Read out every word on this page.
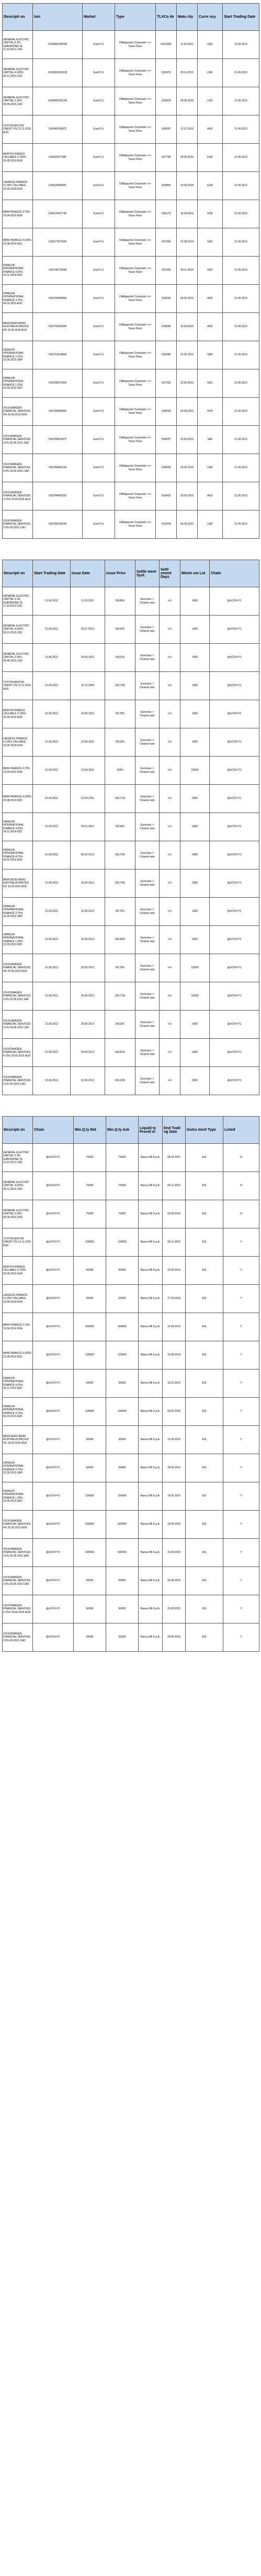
Descripti on	Isin	Market	Type	TLXCo de	Matu rity	Curre ncy	Start Trading Date
GENERAL ELECTRIC CAPITAL 5.3% SUBORDINA TE 11.02.2021 USD	US369622DP84	EuroTLX	Obbligazioni Corporate >>> Tasso Fisso	US12966	11.02.2021	USD	21.06.2012
GENERAL ELECTRIC CAPITAL 4.625% 09.11.2015 USD	US36962G5X28	EuroTLX	Obbligazioni Corporate >>> Tasso Fisso	US5470	09.11.2015	USD	21.06.2012
GENERAL ELECTRIC CAPITAL 2.25% 09.06.2016 USD	US36962G5C40	EuroTLX	Obbligazioni Corporate >>> Tasso Fisso	US5824	09.06.2016	USD	21.06.2012
TOYOTA MOTOR CREDIT 5% 12.11.2019 AUD	XS0549155872	EuroTLX	Obbligazioni Corporate >>> Tasso Fisso	US6087	12.11.2019	AUD	21.06.2012
MORTH-FINANCE CALLABLE 4.125% 26.05.2016 EUR	XS0629377087	EuroTLX	Obbligazioni Corporate >>> Tasso Fisso	XS7796	26.05.2016	EUR	21.06.2012
LANXESS FINANCE 4.125% CALLABLE 23.05.2018 EUR	XS0629645951	EuroTLX	Obbligazioni Corporate >>> Tasso Fisso	XS6853	23.05.2018	EUR	21.06.2012
BMW FINANCE 3.75% 19.04.2016 NOK	XS0674427746	EuroTLX	Obbligazioni Corporate >>> Tasso Fisso	XS6174	19.04.2016	NOK	21.06.2012
BMW FINANCE 4.625% 22.08.2014 NZD	XS0677027600	EuroTLX	Obbligazioni Corporate >>> Tasso Fisso	XS7064	22.08.2014	NZD	21.06.2012
DAIMLER INTERNATIONAL FINANCE 4.25% 24.11.2014 NZD	XS0709178944	EuroTLX	Obbligazioni Corporate >>> Tasso Fisso	XS7669	24.11.2014	NZD	21.06.2012
DAIMLER INTERNATIONAL FINANCE 4.75% 06.02.2015 AUD	XS0743408000	EuroTLX	Obbligazioni Corporate >>> Tasso Fisso	XS8165	06.02.2015	AUD	21.06.2012
MERCEDES-BENZ AUSTRALIA /PACIFIC 6% 16.05.2016 AUD	XS0700269066	EuroTLX	Obbligazioni Corporate >>> Tasso Fisso	XS8096	16.05.2016	AUD	21.06.2012
DAIMLER INTERNATIONAL FINANCE 2.75% 22.05.2015 GBP	XS0701618855	EuroTLX	Obbligazioni Corporate >>> Tasso Fisso	XS6085	22.05.2015	GBP	21.06.2012
DAIMLER INTERNATIONAL FINANCE 1.25% 22.05.2015 NZD	XS0780072426	EuroTLX	Obbligazioni Corporate >>> Tasso Fisso	XS7262	22.05.2015	NZD	21.06.2012
VOLKSWAGEN FINANCIAL SERVICES 4% 25.05.2015 NOK	XS0784089000	EuroTLX	Obbligazioni Corporate >>> Tasso Fisso	XS8039	25.05.2015	NOK	21.06.2012
VOLKSWAGEN FINANCIAL SERVICES 3.5% 25.05.2015 SEK	XS0784023072	EuroTLX	Obbligazioni Corporate >>> Tasso Fisso	XS8297	25.05.2015	SEK	21.06.2012
VOLKSWAGEN FINANCIAL SERVICES 2.5% 29.05.2015 CAD	XS0784406144	EuroTLX	Obbligazioni Corporate >>> Tasso Fisso	XS8208	29.05.2015	CAD	21.06.2012
VOLKSWAGEN FINANCIAL SERVICES 4.75% 29.05.2015 AUD	XS0784096325	EuroTLX	Obbligazioni Corporate >>> Tasso Fisso	XS9425	29.05.2015	AUD	21.06.2012
VOLKSWAGEN FINANCIAL SERVICES 2.5% 06.2015 CAD	XS0784156234	EuroTLX	Obbligazioni Corporate >>> Tasso Fisso	XS2424	06.05.2015	CAD	21.06.2012
Descripti on	Start Trading Date	Issue Date	Issue Price	Settle ment Syst.	Settl ement Days	Minim um Lot	Chain
GENERAL ELECTRIC CAPITAL 5.3% SUBORDINA TE 11.02.2021 USD	21.06.2012	11.02.2011	99,85%	Euroclea r / Clearstr eam	t+3	1000	@xCFO=T1
GENERAL ELECTRIC CAPITAL 4.625% 09.11.2015 USD	21.06.2012	09.11.2010	99,92%	Euroclea r / Clearstr eam	t+3	1000	@xCFO=T1
GENERAL ELECTRIC CAPITAL 2.25% 09.06.2016 USD	21.06.2012	09.05.2011	99,81%	Euroclea r / Clearstr eam	t+3	1000	@xCFO=T1
TOYOTA MOTOR CREDIT 5% 12.11.2019 AUD	21.06.2012	12.12.2009	100,79%	Euroclea r / Clearstr eam	t+3	1000	@xCFO=T1
MORTH-FINANCE CALLABLE 4.125% 26.05.2016 EUR	21.06.2012	23.05.2011	99,70%	Euroclea r / Clearstr eam	t+3	1000	@xCFO=T1
LANXESS FINANCE 4.125% CALLABLE 23.05.2018 EUR	21.06.2012	23.05.2011	99,55%	Euroclea r / Clearstr eam	t+3	1000	@xCFO=T1
BMW FINANCE 3.75% 19.04.2016 NOK	21.06.2012	19.09.2011	100%	Euroclea r / Clearstr eam	t+3	10000	@xCFO=T1
BMW FINANCE 4.625% 22.08.2014 NZD	21.06.2012	22.09.2011	100,71%	Euroclea r / Clearstr eam	t+3	2000	@xCFO=T1
DAIMLER INTERNATIONAL FINANCE 4.25% 24.11.2014 NZD	21.06.2012	24.11.2011	99,56%	Euroclea r / Clearstr eam	t+3	2000	@xCFO=T1
DAIMLER INTERNATIONAL FINANCE 4.75% 06.02.2015 AUD	21.06.2012	06.02.2012	100,75%	Euroclea r / Clearstr eam	t+3	2000	@xCFO=T1
MERCEDES-BENZ AUSTRALIA /PACIFIC 6% 16.05.2016 AUD	21.06.2012	16.05.2012	100,79%	Euroclea r / Clearstr eam	t+3	2000	@xCFO=T1
DAIMLER INTERNATIONAL FINANCE 2.75% 22.05.2015 GBP	21.06.2012	22.05.2012	99,72%	Euroclea r / Clearstr eam	t+3	1000	@xCFO=T1
DAIMLER INTERNATIONAL FINANCE 1.25% 22.05.2015 NZD	21.06.2012	22.05.2012	100,86%	Euroclea r / Clearstr eam	t+3	2000	@xCFO=T1
VOLKSWAGEN FINANCIAL SERVICES 4% 25.05.2015 NOK	21.06.2012	25.05.2012	99,79%	Euroclea r / Clearstr eam	t+3	10000	@xCFO=T1
VOLKSWAGEN FINANCIAL SERVICES 3.5% 25.05.2015 SEK	21.06.2012	25.05.2012	100,71%	Euroclea r / Clearstr eam	t+3	10000	@xCFO=T1
VOLKSWAGEN FINANCIAL SERVICES 2.5% 29.05.2015 CAD	21.06.2012	29.05.2012	99,63%	Euroclea r / Clearstr eam	t+3	2000	@xCFO=T1
VOLKSWAGEN FINANCIAL SERVICES 4.75% 29.05.2015 AUD	21.06.2012	29.05.2012	100,81%	Euroclea r / Clearstr eam	t+3	2000	@xCFO=T1
VOLKSWAGEN FINANCIAL SERVICES 2.5% 06.2015 CAD	21.06.2012	01.06.2012	100,63%	Euroclea r / Clearstr eam	t+3	2000	@xCFO=T1
Descripti on	Chain	Min.Q.ty Bid	Min.Q.ty Ask	Liquidi ty Provid er	End Tradi ng Date	Instru ment Type	Listed
GENERAL ELECTRIC CAPITAL 5.3% SUBORDINA TE 11.02.2021 USD	@xCFO=T1	75000	75000	Banca IMI S.p.A.	08.02.2021	EIS	N
GENERAL ELECTRIC CAPITAL 4.625% 09.11.2015 USD	@xCFO=T1	75000	75000	Banca IMI S.p.A.	04.11.2015	EIS	N
GENERAL ELECTRIC CAPITAL 2.25% 09.06.2016 USD	@xCFO=T1	75000	75000	Banca IMI S.p.A.	03.06.2016	EIS	N
TOYOTA MOTOR CREDIT 5% 12.11.2019 AUD	@xCFO=T1	100000	100000	Banca IMI S.p.A.	06.11.2019	EIS	Y
MORTH-FINANCE CALLABLE 4.125% 26.05.2016 EUR	@xCFO=T1	50000	50000	Banca IMI S.p.A.	23.05.2016	EIS	Y
LANXESS FINANCE 4.125% CALLABLE 23.05.2018 EUR	@xCFO=T1	25000	25000	Banca IMI S.p.A.	17.05.2018	EIS	Y
BMW FINANCE 3.75% 19.04.2016 NOK	@xCFO=T1	500000	500000	Banca IMI S.p.A.	15.04.2016	EIS	Y
BMW FINANCE 4.625% 22.08.2014 NZD	@xCFO=T1	100000	100000	Banca IMI S.p.A.	19.08.2014	EIS	Y
DAIMLER INTERNATIONAL FINANCE 4.25% 24.11.2014 NZD	@xCFO=T1	50000	50000	Banca IMI S.p.A.	18.11.2014	EIS	Y
DAIMLER INTERNATIONAL FINANCE 4.75% 06.02.2015 AUD	@xCFO=T1	100000	100000	Banca IMI S.p.A.	03.02.2015	EIS	Y
MERCEDES-BENZ AUSTRALIA /PACIFIC 6% 16.05.2016 AUD	@xCFO=T1	50000	50000	Banca IMI S.p.A.	12.05.2016	EIS	Y
DAIMLER INTERNATIONAL FINANCE 2.75% 22.05.2015 GBP	@xCFO=T1	50000	50000	Banca IMI S.p.A.	18.05.2015	EIS	Y
DAIMLER INTERNATIONAL FINANCE 1.25% 22.05.2015 NZD	@xCFO=T1	100000	100000	Banca IMI S.p.A.	18.05.2015	EIS	Y
VOLKSWAGEN FINANCIAL SERVICES 4% 25.05.2015 NOK	@xCFO=T1	500000	500000	Banca IMI S.p.A.	19.05.2015	EIS	Y
VOLKSWAGEN FINANCIAL SERVICES 3.5% 25.05.2015 SEK	@xCFO=T1	500000	500000	Banca IMI S.p.A.	19.05.2015	EIS	Y
VOLKSWAGEN FINANCIAL SERVICES 2.5% 29.05.2015 CAD	@xCFO=T1	50000	50000	Banca IMI S.p.A.	26.05.2015	EIS	Y
VOLKSWAGEN FINANCIAL SERVICES 4.75% 29.05.2015 AUD	@xCFO=T1	50000	50000	Banca IMI S.p.A.	26.05.2015	EIS	Y
VOLKSWAGEN FINANCIAL SERVICES 2.5% 06.2015 CAD	@xCFO=T1	50000	50000	Banca IMI S.p.A.	29.05.2015	EIS	Y
